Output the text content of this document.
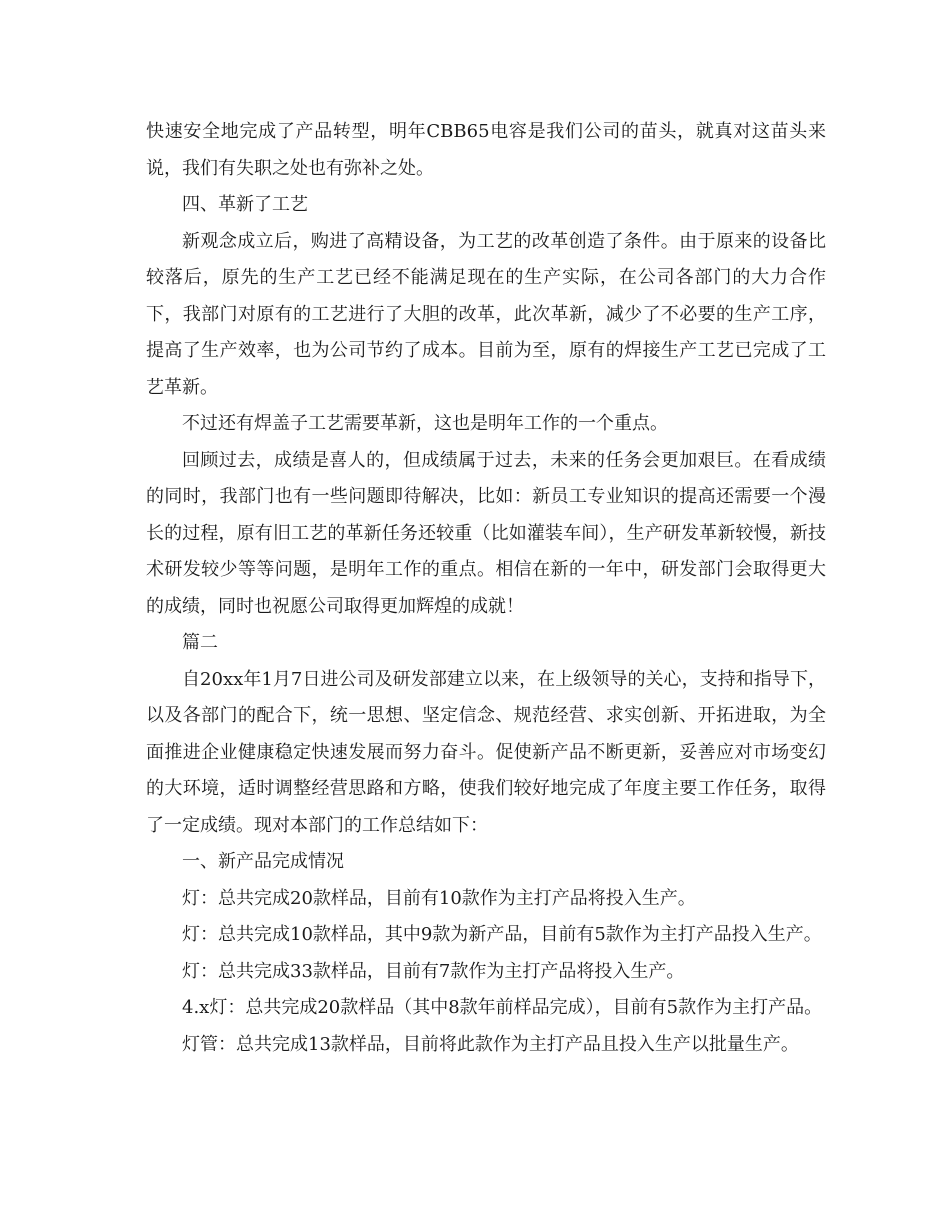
快速安全地完成了产品转型，明年CBB65电容是我们公司的苗头，就真对这苗头来说，我们有失职之处也有弥补之处。

四、革新了工艺

新观念成立后，购进了高精设备，为工艺的改革创造了条件。由于原来的设备比较落后，原先的生产工艺已经不能满足现在的生产实际，在公司各部门的大力合作下，我部门对原有的工艺进行了大胆的改革，此次革新，减少了不必要的生产工序，提高了生产效率，也为公司节约了成本。目前为至，原有的焊接生产工艺已完成了工艺革新。

不过还有焊盖子工艺需要革新，这也是明年工作的一个重点。

回顾过去，成绩是喜人的，但成绩属于过去，未来的任务会更加艰巨。在看成绩的同时，我部门也有一些问题即待解决，比如：新员工专业知识的提高还需要一个漫长的过程，原有旧工艺的革新任务还较重（比如灌装车间），生产研发革新较慢，新技术研发较少等等问题，是明年工作的重点。相信在新的一年中，研发部门会取得更大的成绩，同时也祝愿公司取得更加辉煌的成就！

篇二

自20xx年1月7日进公司及研发部建立以来，在上级领导的关心，支持和指导下，以及各部门的配合下，统一思想、坚定信念、规范经营、求实创新、开拓进取，为全面推进企业健康稳定快速发展而努力奋斗。促使新产品不断更新，妥善应对市场变幻的大环境，适时调整经营思路和方略，使我们较好地完成了年度主要工作任务，取得了一定成绩。现对本部门的工作总结如下：

一、新产品完成情况

灯：总共完成20款样品，目前有10款作为主打产品将投入生产。

灯：总共完成10款样品，其中9款为新产品，目前有5款作为主打产品投入生产。

灯：总共完成33款样品，目前有7款作为主打产品将投入生产。

4.x灯：总共完成20款样品（其中8款年前样品完成），目前有5款作为主打产品。

灯管：总共完成13款样品，目前将此款作为主打产品且投入生产以批量生产。
